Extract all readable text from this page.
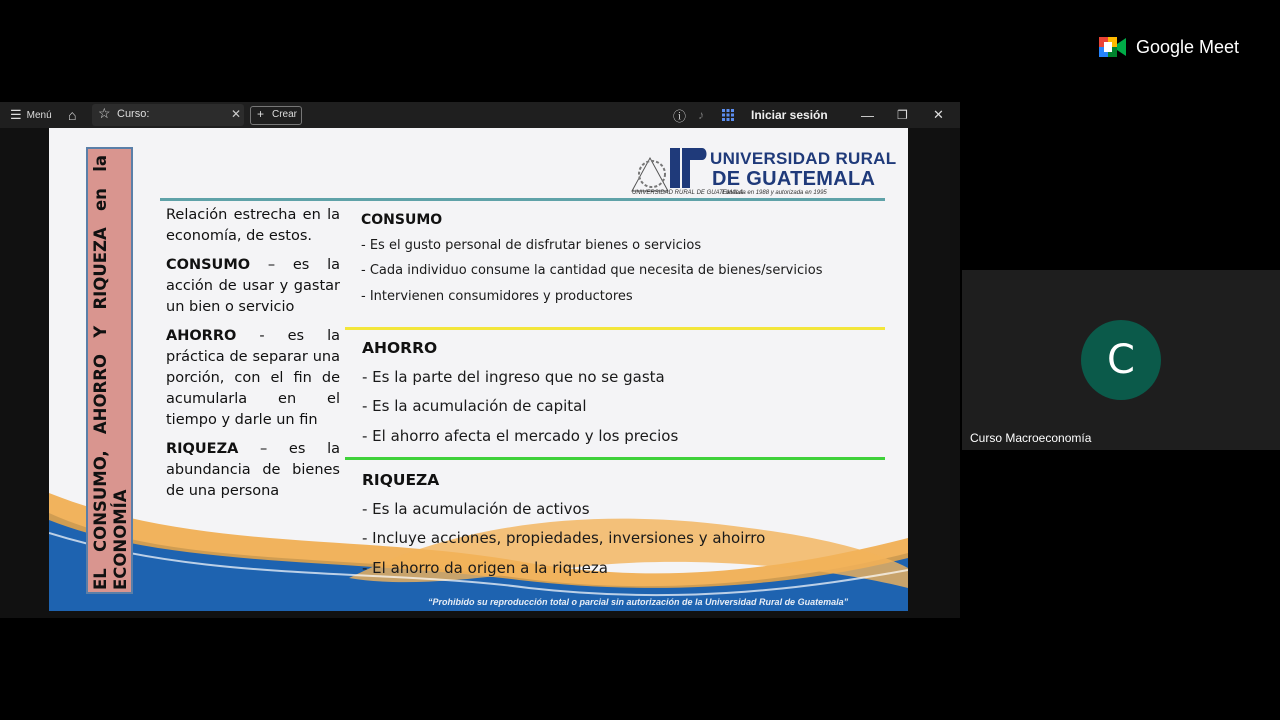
Google Meet
☰ Menú ⌂ ☆ Curso:	✕ + Crear	ⓘ ♪	Iniciar sesión	— ❐ ✕
EL CONSUMO, AHORRO Y RIQUEZA en la ECONOMÍA
UNIVERSIDAD RURAL DE GUATEMALA
UNIVERSIDAD RURAL
DE GUATEMALA
Fundada en 1988 y autorizada en 1995

Relación estrecha en la economía, de estos.

CONSUMO – es la acción de usar y gastar un bien o servicio

AHORRO - es la práctica de separar una porción, con el fin de acumularla en el tiempo y darle un fin

RIQUEZA – es la abundancia de bienes de una persona

CONSUMO
- Es el gusto personal de disfrutar bienes o servicios
- Cada individuo consume la cantidad que necesita de bienes/servicios
- Intervienen consumidores y productores
AHORRO
- Es la parte del ingreso que no se gasta
- Es la acumulación de capital
- El ahorro afecta el mercado y los precios
RIQUEZA
- Es la acumulación de activos
- Incluye acciones, propiedades, inversiones y ahoirro
- El ahorro da origen a la riqueza
“Prohibido su reproducción total o parcial sin autorización de la Universidad Rural de Guatemala”
C
Curso Macroeconomía
